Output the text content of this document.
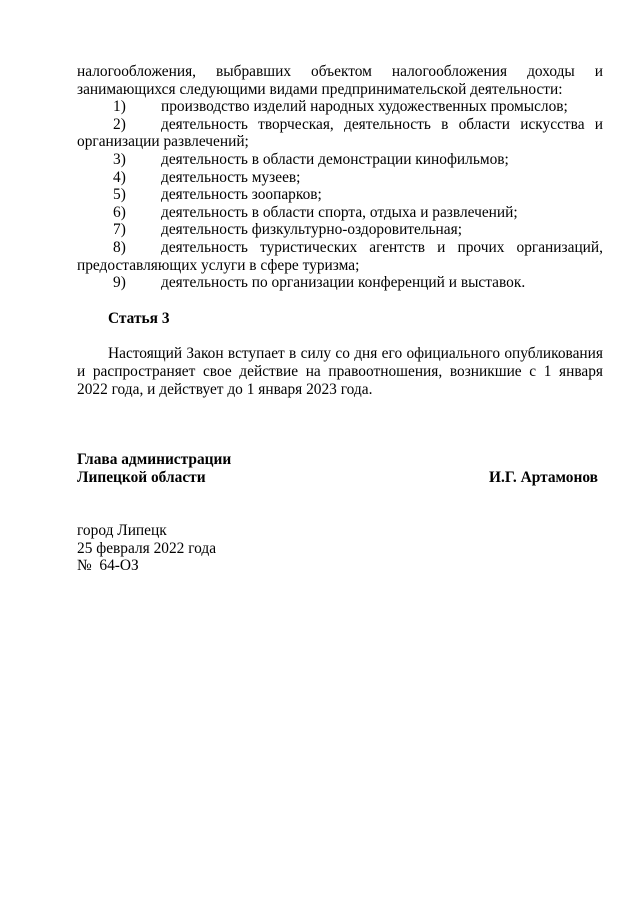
налогообложения, выбравших объектом налогообложения доходы и
занимающихся следующими видами предпринимательской деятельности:
1)	производство изделий народных художественных промыслов;
2)	деятельность творческая, деятельность в области искусства и
организации развлечений;
3)	деятельность в области демонстрации кинофильмов;
4)	деятельность музеев;
5)	деятельность зоопарков;
6)	деятельность в области спорта, отдыха и развлечений;
7)	деятельность физкультурно-оздоровительная;
8)	деятельность туристических агентств и прочих организаций,
предоставляющих услуги в сфере туризма;
9)	деятельность по организации конференций и выставок.
Статья 3
Настоящий Закон вступает в силу со дня его официального опубликования и распространяет свое действие на правоотношения, возникшие с 1 января 2022 года, и действует до 1 января 2023 года.
Глава администрации
Липецкой области	И.Г. Артамонов
город Липецк
25 февраля 2022 года
№  64-ОЗ
